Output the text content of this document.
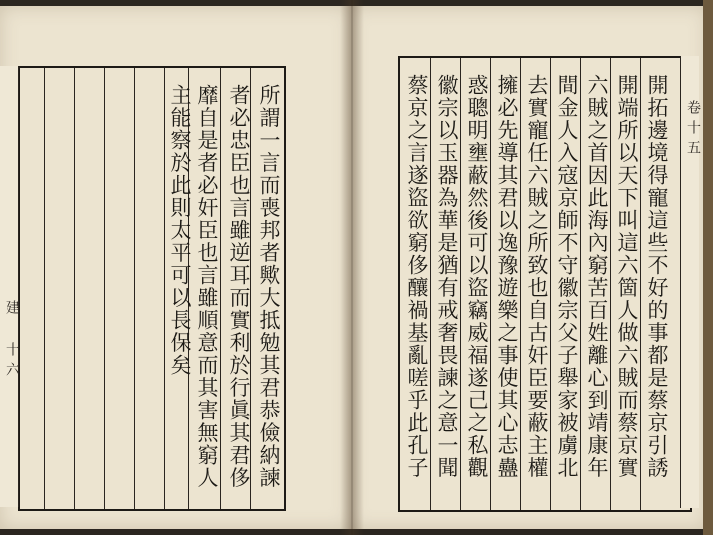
所謂一言而喪邦者歟大抵勉其君恭儉納諫
者必忠臣也言雖逆耳而實利於行眞其君侈
靡自是者必奸臣也言雖順意而其害無窮人
主能察於此則太平可以長保矣
建 十六	開拓邊境得寵這些不好的事都是蔡京引誘
開端所以天下叫這六箇人做六賊而蔡京實
六賊之首因此海內窮苦百姓離心到靖康年
間金人入寇京師不守徽宗父子舉家被虜北
去實寵任六賊之所致也自古奸臣要蔽主權
擁必先導其君以逸豫遊樂之事使其心志蠱
惑聰明壅蔽然後可以盜竊威福遂己之私觀
徽宗以玉器為華是猶有戒奢畏諫之意一聞
蔡京之言遂盜欲窮侈釀禍基亂嗟乎此孔子	卷十五
